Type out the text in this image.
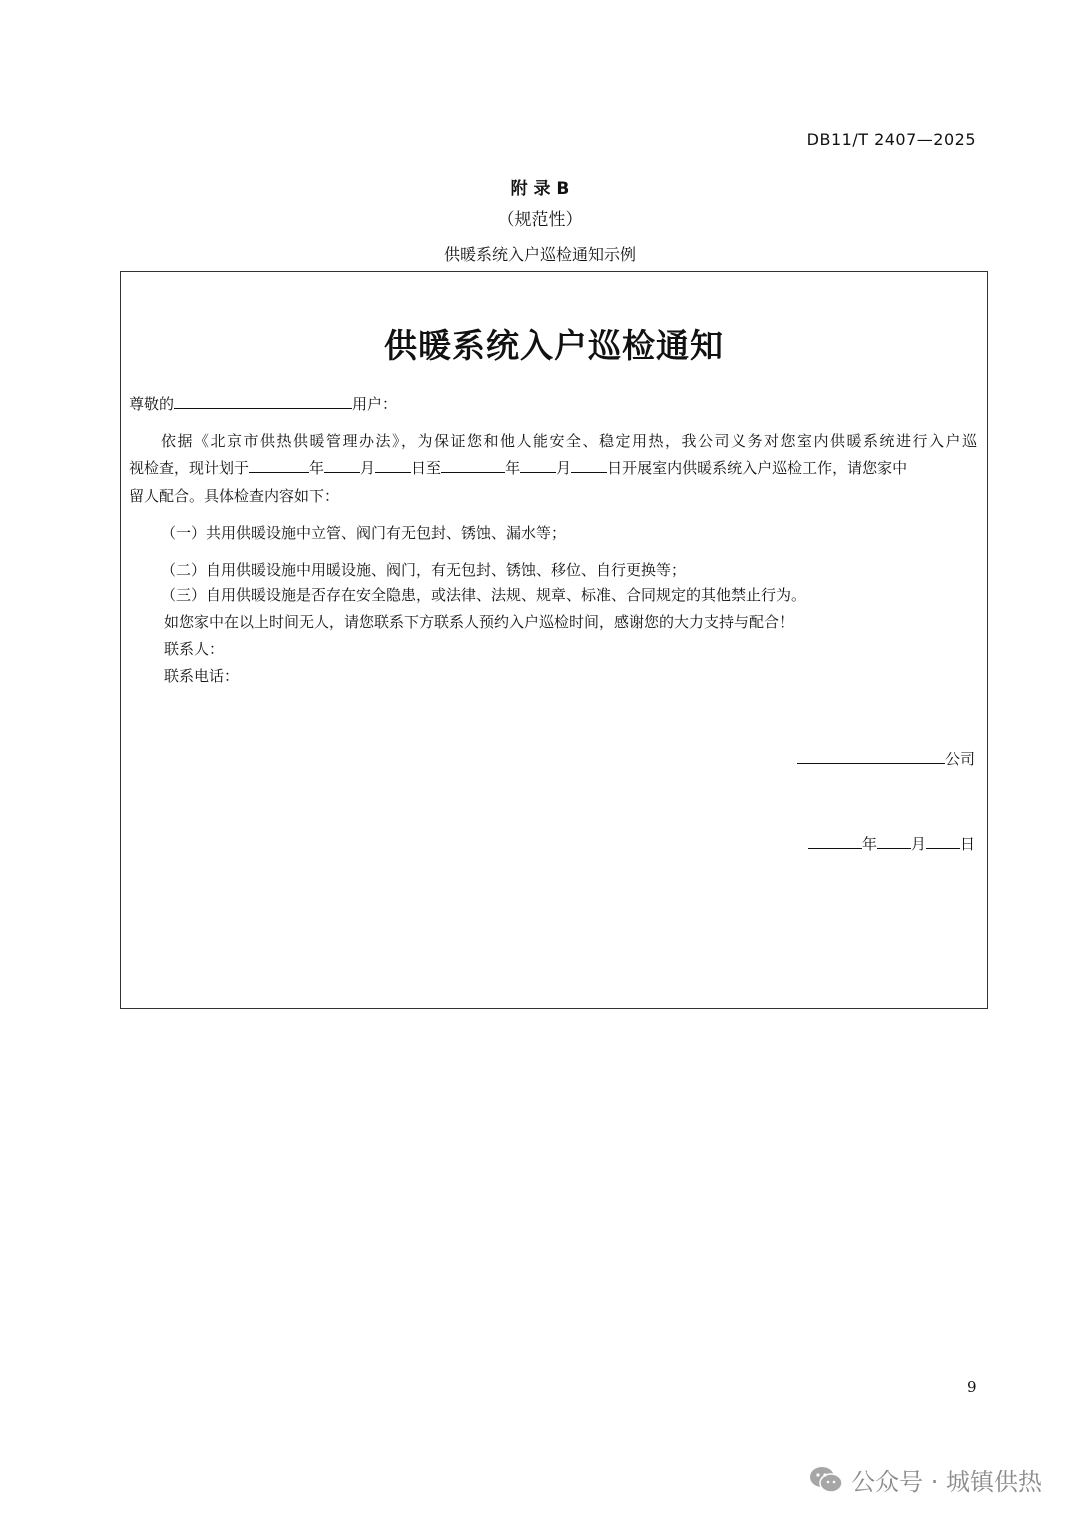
DB11/T 2407—2025
附 录 B
（规范性）
供暖系统入户巡检通知示例
供暖系统入户巡检通知
尊敬的	用户：
依据《北京市供热供暖管理办法》，为保证您和他人能安全、稳定用热，我公司义务对您室内供暖系统进行入户巡
视检查，现计划于	年 月 日至	年 月 日开展室内供暖系统入户巡检工作，请您家中
留人配合。具体检查内容如下：
（一）共用供暖设施中立管、阀门有无包封、锈蚀、漏水等；
（二）自用供暖设施中用暖设施、阀门，有无包封、锈蚀、移位、自行更换等；
（三）自用供暖设施是否存在安全隐患，或法律、法规、规章、标准、合同规定的其他禁止行为。
如您家中在以上时间无人，请您联系下方联系人预约入户巡检时间，感谢您的大力支持与配合！
联系人：
联系电话：
公司
年 月 日
9
公众号 · 城镇供热
